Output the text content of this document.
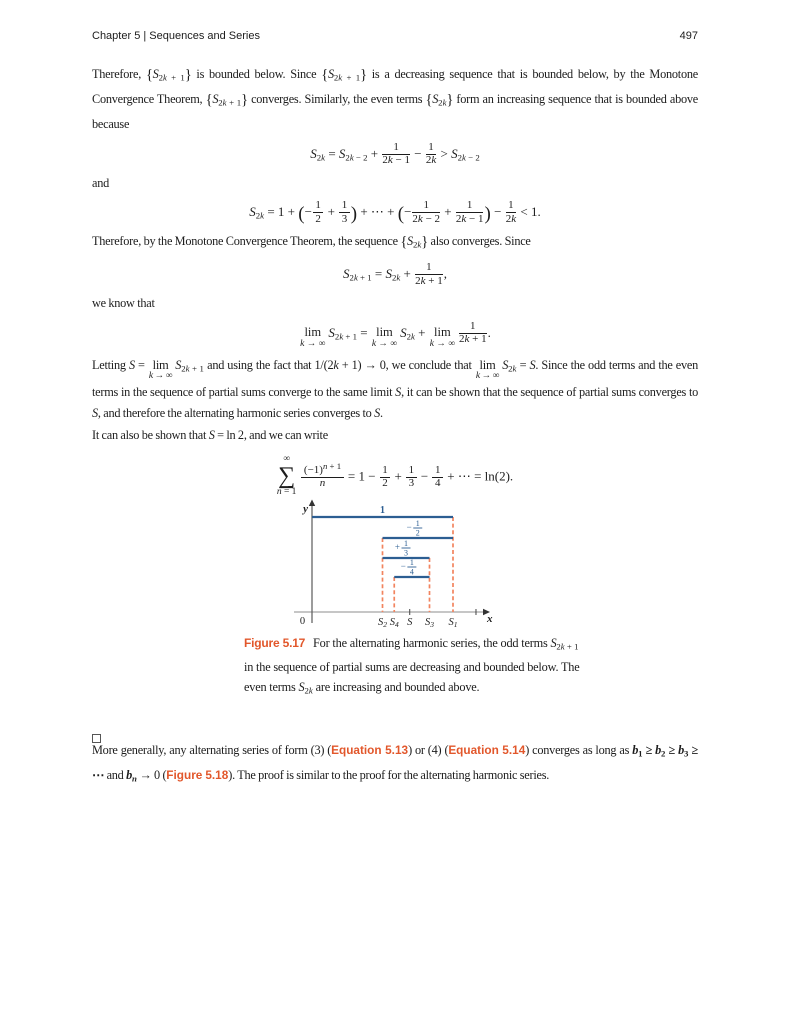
Chapter 5 | Sequences and Series	497

Therefore, $\{S_{2k + 1}\}$ is bounded below. Since $\{S_{2k + 1}\}$ is a decreasing sequence that is bounded below, by the Monotone Convergence Theorem, $\{S_{2k + 1}\}$ converges. Similarly, the even terms $\{S_{2k}\}$ form an increasing sequence that is bounded above because

$S2k = S2k - 2 + \frac{1}{2k - 1} - \frac{1}{2k} > S2k - 2$

and

S2k = 1 + (− $\frac{1}{2} + \frac{1}{3}$ ) + ⋯ + (− $\frac{1}{2k - 2} + \frac{1}{2k - 1}$ ) − $\frac{1}{2k} < 1$.

Therefore, by the Monotone Convergence Theorem, the sequence $\{S_{2k}\}$ also converges. Since

$S2k + 1 = S2k + \frac{1}{2k + 1}$ ,

we know that

lim
k → ∞
S2k + 1 = lim
k → ∞
S2k + lim
k → ∞ $\frac{1}{2k + 1}$ .

Letting S = lim
k → ∞
$S_{2k + 1}$ and using the fact that 1/(2k + 1) → 0, we conclude that lim
k → ∞
$S_{2k} = S$. Since the odd terms and the even terms in the sequence of partial sums converge to the same limit S, it can be shown that the sequence of partial sums converges to S, and therefore the alternating harmonic series converges to S.

It can also be shown that S = ln 2, and we can write

∞
∑
n = 1
$\frac{(-1)^{n + 1}}{n} = 1 - \frac{1}{2} + \frac{1}{3} - \frac{1}{4}$ + ⋯ = ln(2).
1
− 1
2
+ 1
3
− 1
4
S2 S4 S S3 S1
0	x
y

Figure 5.17 For the alternating harmonic series, the odd terms $S_{2k + 1}$ in the sequence of partial sums are decreasing and bounded below. The even terms $S_{2k}$ are increasing and bounded above.

More generally, any alternating series of form (3) (Equation 5.13) or (4) (Equation 5.14) converges as long as $b_1 \ge b_2 \ge b_3$ ≥ ⋯ and $b_n \to 0$ (Figure 5.18). The proof is similar to the proof for the alternating harmonic series.
